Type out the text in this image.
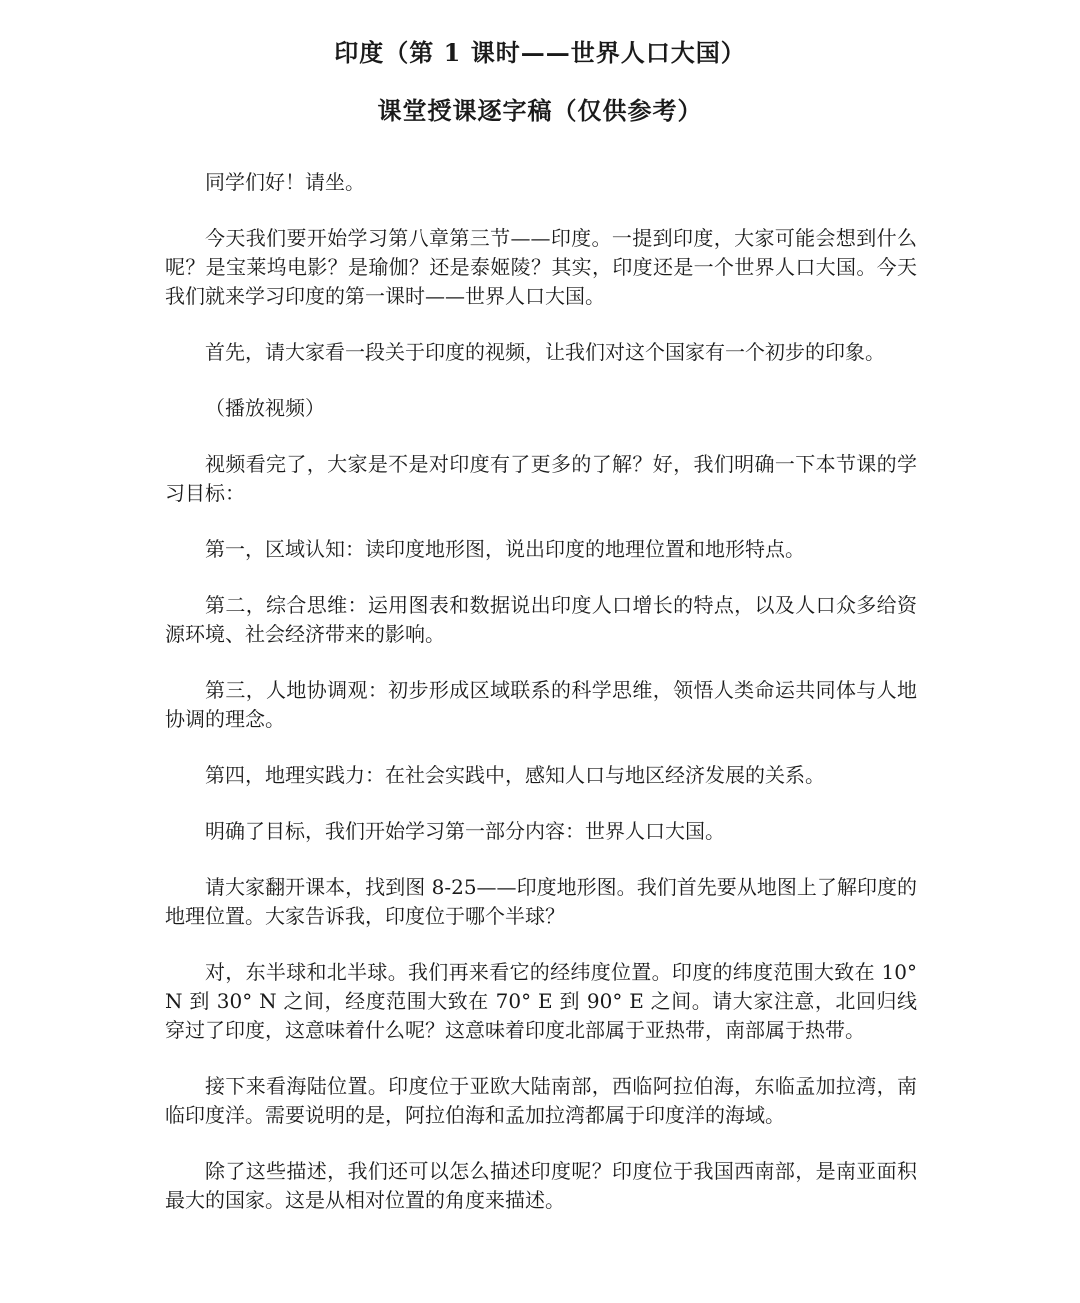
印度（第 1 课时——世界人口大国）
课堂授课逐字稿（仅供参考）

同学们好！请坐。

今天我们要开始学习第八章第三节——印度。一提到印度，大家可能会想到什么呢？是宝莱坞电影？是瑜伽？还是泰姬陵？其实，印度还是一个世界人口大国。今天我们就来学习印度的第一课时——世界人口大国。

首先，请大家看一段关于印度的视频，让我们对这个国家有一个初步的印象。

（播放视频）

视频看完了，大家是不是对印度有了更多的了解？好，我们明确一下本节课的学习目标：

第一，区域认知：读印度地形图，说出印度的地理位置和地形特点。

第二，综合思维：运用图表和数据说出印度人口增长的特点，以及人口众多给资源环境、社会经济带来的影响。

第三，人地协调观：初步形成区域联系的科学思维，领悟人类命运共同体与人地协调的理念。

第四，地理实践力：在社会实践中，感知人口与地区经济发展的关系。

明确了目标，我们开始学习第一部分内容：世界人口大国。

请大家翻开课本，找到图 8-25——印度地形图。我们首先要从地图上了解印度的地理位置。大家告诉我，印度位于哪个半球？

对，东半球和北半球。我们再来看它的经纬度位置。印度的纬度范围大致在 10° N 到 30° N 之间，经度范围大致在 70° E 到 90° E 之间。请大家注意，北回归线穿过了印度，这意味着什么呢？这意味着印度北部属于亚热带，南部属于热带。

接下来看海陆位置。印度位于亚欧大陆南部，西临阿拉伯海，东临孟加拉湾，南临印度洋。需要说明的是，阿拉伯海和孟加拉湾都属于印度洋的海域。

除了这些描述，我们还可以怎么描述印度呢？印度位于我国西南部，是南亚面积最大的国家。这是从相对位置的角度来描述。
